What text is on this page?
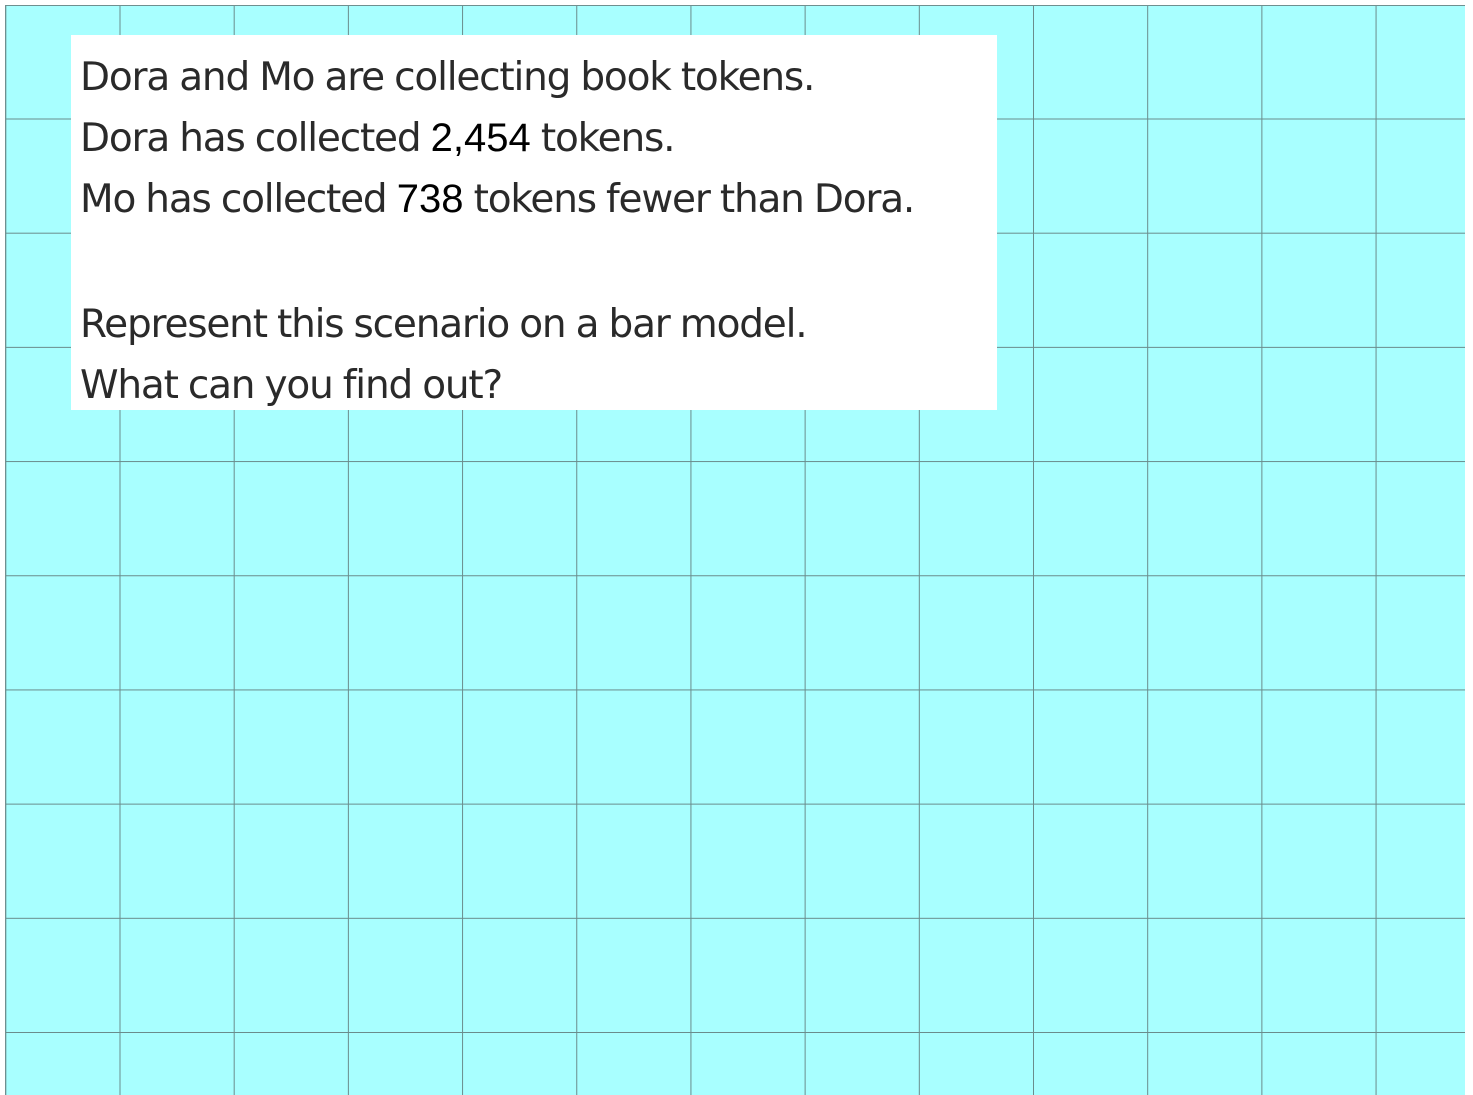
Dora and Mo are collecting book tokens.
Dora has collected 2,454 tokens.
Mo has collected 738 tokens fewer than Dora.
Represent this scenario on a bar model.
What can you find out?
